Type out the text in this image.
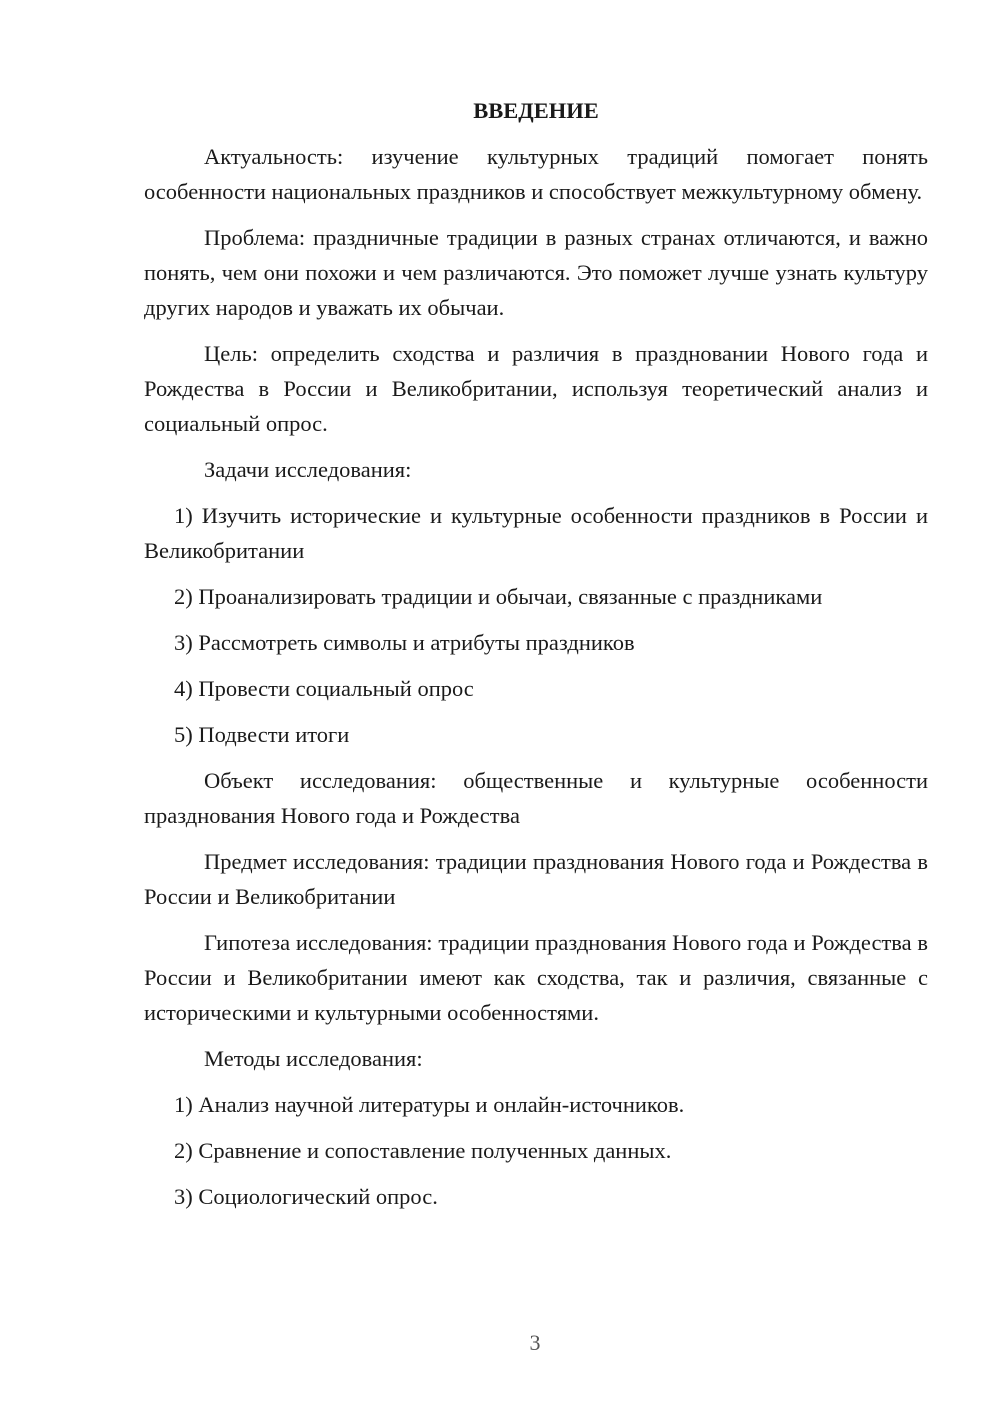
ВВЕДЕНИЕ

Актуальность: изучение культурных традиций помогает понять особенности национальных праздников и способствует межкультурному обмену.

Проблема: праздничные традиции в разных странах отличаются, и важно понять, чем они похожи и чем различаются. Это поможет лучше узнать культуру других народов и уважать их обычаи.

Цель: определить сходства и различия в праздновании Нового года и Рождества в России и Великобритании, используя теоретический анализ и социальный опрос.

Задачи исследования:

1) Изучить исторические и культурные особенности праздников в России и Великобритании

2) Проанализировать традиции и обычаи, связанные с праздниками

3) Рассмотреть символы и атрибуты праздников

4) Провести социальный опрос

5) Подвести итоги

Объект исследования: общественные и культурные особенности празднования Нового года и Рождества

Предмет исследования: традиции празднования Нового года и Рождества в России и Великобритании

Гипотеза исследования: традиции празднования Нового года и Рождества в России и Великобритании имеют как сходства, так и различия, связанные с историческими и культурными особенностями.

Методы исследования:

1) Анализ научной литературы и онлайн-источников.

2) Сравнение и сопоставление полученных данных.

3) Социологический опрос.

3
